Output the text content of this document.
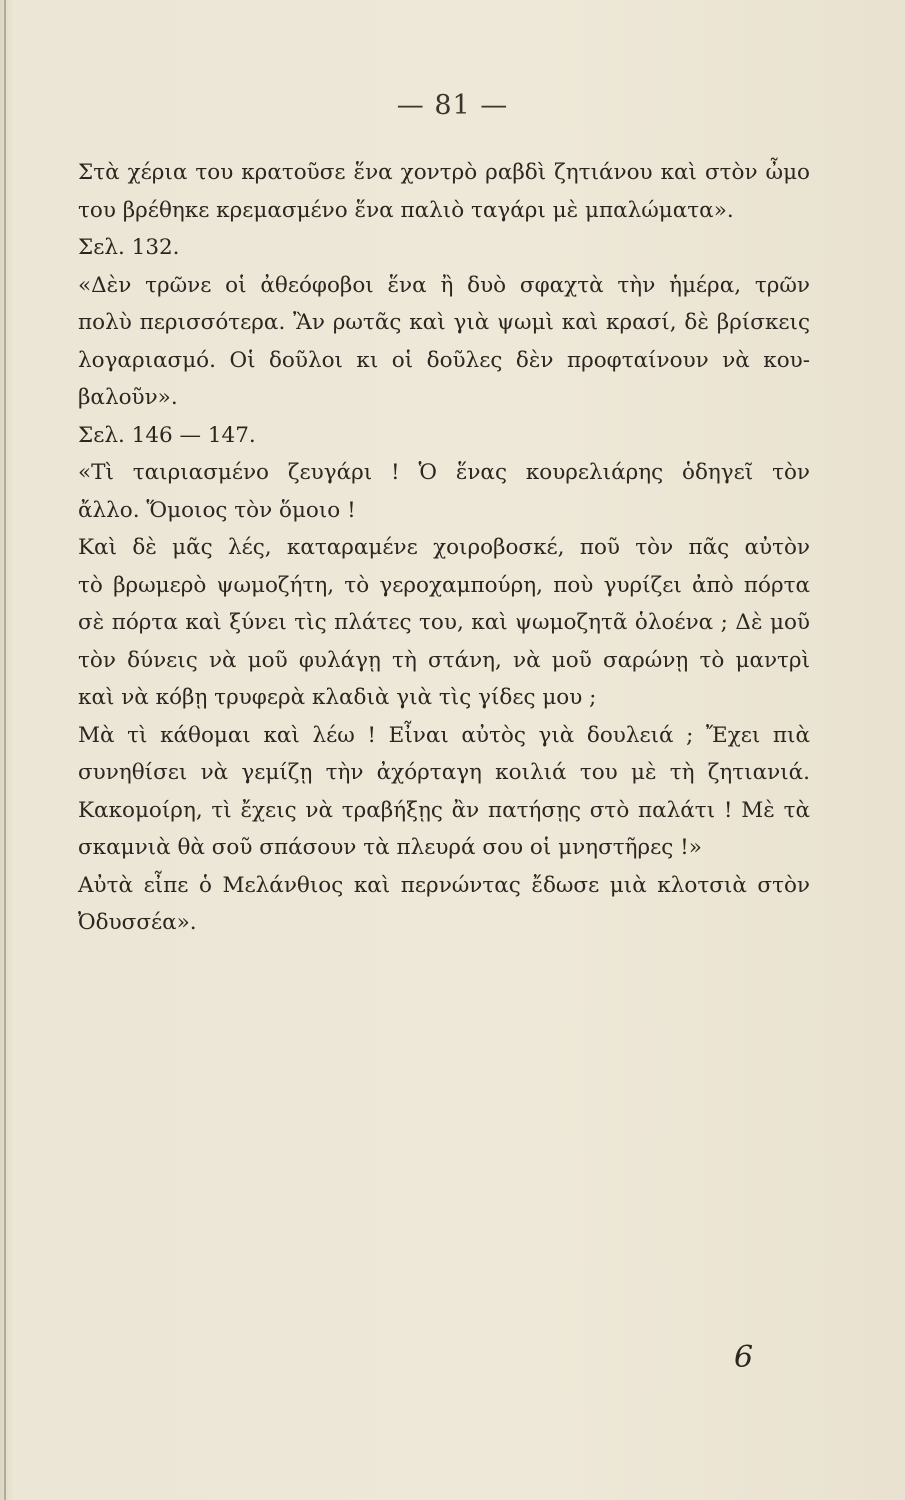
— 81 —
Στὰ χέρια του κρατοῦσε ἕνα χοντρὸ ραβδὶ ζητιάνου καὶ στὸν ὦμο
του βρέθηκε κρεμασμένο ἕνα παλιὸ ταγάρι μὲ μπαλώματα».
Σελ. 132.
«Δὲν τρῶνε οἱ ἀθεόφοβοι ἕνα ἢ δυὸ σφαχτὰ τὴν ἡμέρα, τρῶν
πολὺ περισσότερα. Ἂν ρωτᾶς καὶ γιὰ ψωμὶ καὶ κρασί, δὲ βρίσκεις
λογαριασμό. Οἱ δοῦλοι κι οἱ δοῦλες δὲν προφταίνουν νὰ κου-
βαλοῦν».
Σελ. 146 — 147.
«Τὶ ταιριασμένο ζευγάρι ! Ὁ ἕνας κουρελιάρης ὁδηγεῖ τὸν
ἄλλο. Ὅμοιος τὸν ὅμοιο !
Καὶ δὲ μᾶς λές, καταραμένε χοιροβοσκέ, ποῦ τὸν πᾶς αὐτὸν
τὸ βρωμερὸ ψωμοζήτη, τὸ γεροχαμπούρη, ποὺ γυρίζει ἀπὸ πόρτα
σὲ πόρτα καὶ ξύνει τὶς πλάτες του, καὶ ψωμοζητᾶ ὁλοένα ; Δὲ μοῦ
τὸν δύνεις νὰ μοῦ φυλάγῃ τὴ στάνη, νὰ μοῦ σαρώνῃ τὸ μαντρὶ
καὶ νὰ κόβῃ τρυφερὰ κλαδιὰ γιὰ τὶς γίδες μου ;
Μὰ τὶ κάθομαι καὶ λέω ! Εἶναι αὐτὸς γιὰ δουλειά ; Ἔχει πιὰ
συνηθίσει νὰ γεμίζῃ τὴν ἀχόρταγη κοιλιά του μὲ τὴ ζητιανιά.
Κακομοίρη, τὶ ἔχεις νὰ τραβήξῃς ἂν πατήσῃς στὸ παλάτι ! Μὲ τὰ
σκαμνιὰ θὰ σοῦ σπάσουν τὰ πλευρά σου οἱ μνηστῆρες !»
Αὐτὰ εἶπε ὁ Μελάνθιος καὶ περνώντας ἔδωσε μιὰ κλοτσιὰ στὸν
Ὀδυσσέα».
6
